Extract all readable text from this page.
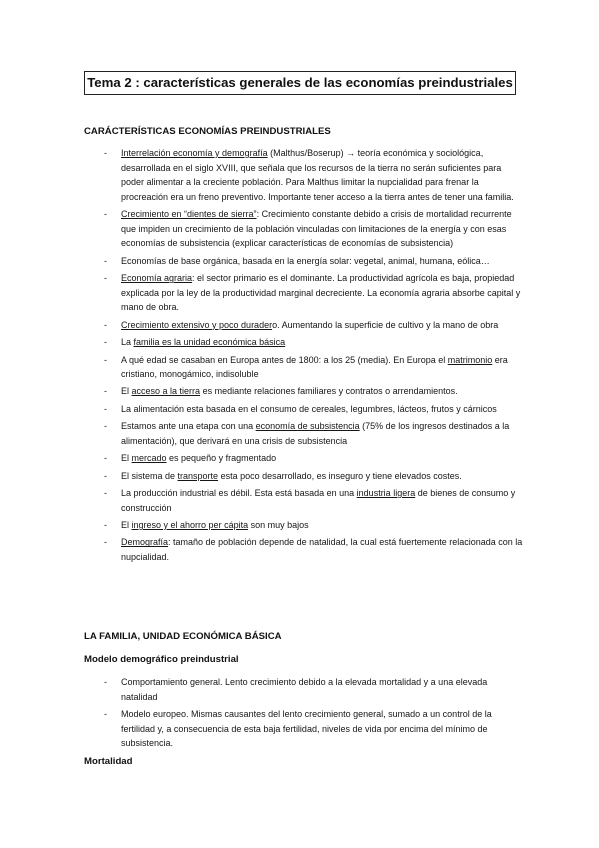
Tema 2 : características generales de las economías preindustriales
CARÁCTERÍSTICAS ECONOMÍAS PREINDUSTRIALES
- Interrelación economía y demografía (Malthus/Boserup) → teoría económica y sociológica, desarrollada en el siglo XVIII, que señala que los recursos de la tierra no serán suficientes para poder alimentar a la creciente población. Para Malthus limitar la nupcialidad para frenar la procreación era un freno preventivo. Importante tener acceso a la tierra antes de tener una familia.
- Crecimiento en “dientes de sierra”: Crecimiento constante debido a crisis de mortalidad recurrente que impiden un crecimiento de la población vinculadas con limitaciones de la energía y con esas economías de subsistencia (explicar características de economías de subsistencia)
- Economías de base orgánica, basada en la energía solar: vegetal, animal, humana, eólica…
- Economía agraria: el sector primario es el dominante. La productividad agrícola es baja, propiedad explicada por la ley de la productividad marginal decreciente. La economía agraria absorbe capital y mano de obra.
- Crecimiento extensivo y poco duradero. Aumentando la superficie de cultivo y la mano de obra
- La familia es la unidad económica básica
- A qué edad se casaban en Europa antes de 1800: a los 25 (media). En Europa el matrimonio era cristiano, monogámico, indisoluble
- El acceso a la tierra es mediante relaciones familiares y contratos o arrendamientos.
- La alimentación esta basada en el consumo de cereales, legumbres, lácteos, frutos y cárnicos
- Estamos ante una etapa con una economía de subsistencia (75% de los ingresos destinados a la alimentación), que derivará en una crisis de subsistencia
- El mercado es pequeño y fragmentado
- El sistema de transporte esta poco desarrollado, es inseguro y tiene elevados costes.
- La producción industrial es débil. Esta está basada en una industria ligera de bienes de consumo y construcción
- El ingreso y el ahorro per cápita son muy bajos
- Demografía: tamaño de población depende de natalidad, la cual está fuertemente relacionada con la nupcialidad.
LA FAMILIA, UNIDAD ECONÓMICA BÁSICA
Modelo demográfico preindustrial
- Comportamiento general. Lento crecimiento debido a la elevada mortalidad y a una elevada natalidad
- Modelo europeo. Mismas causantes del lento crecimiento general, sumado a un control de la fertilidad y, a consecuencia de esta baja fertilidad, niveles de vida por encima del mínimo de subsistencia.
Mortalidad
